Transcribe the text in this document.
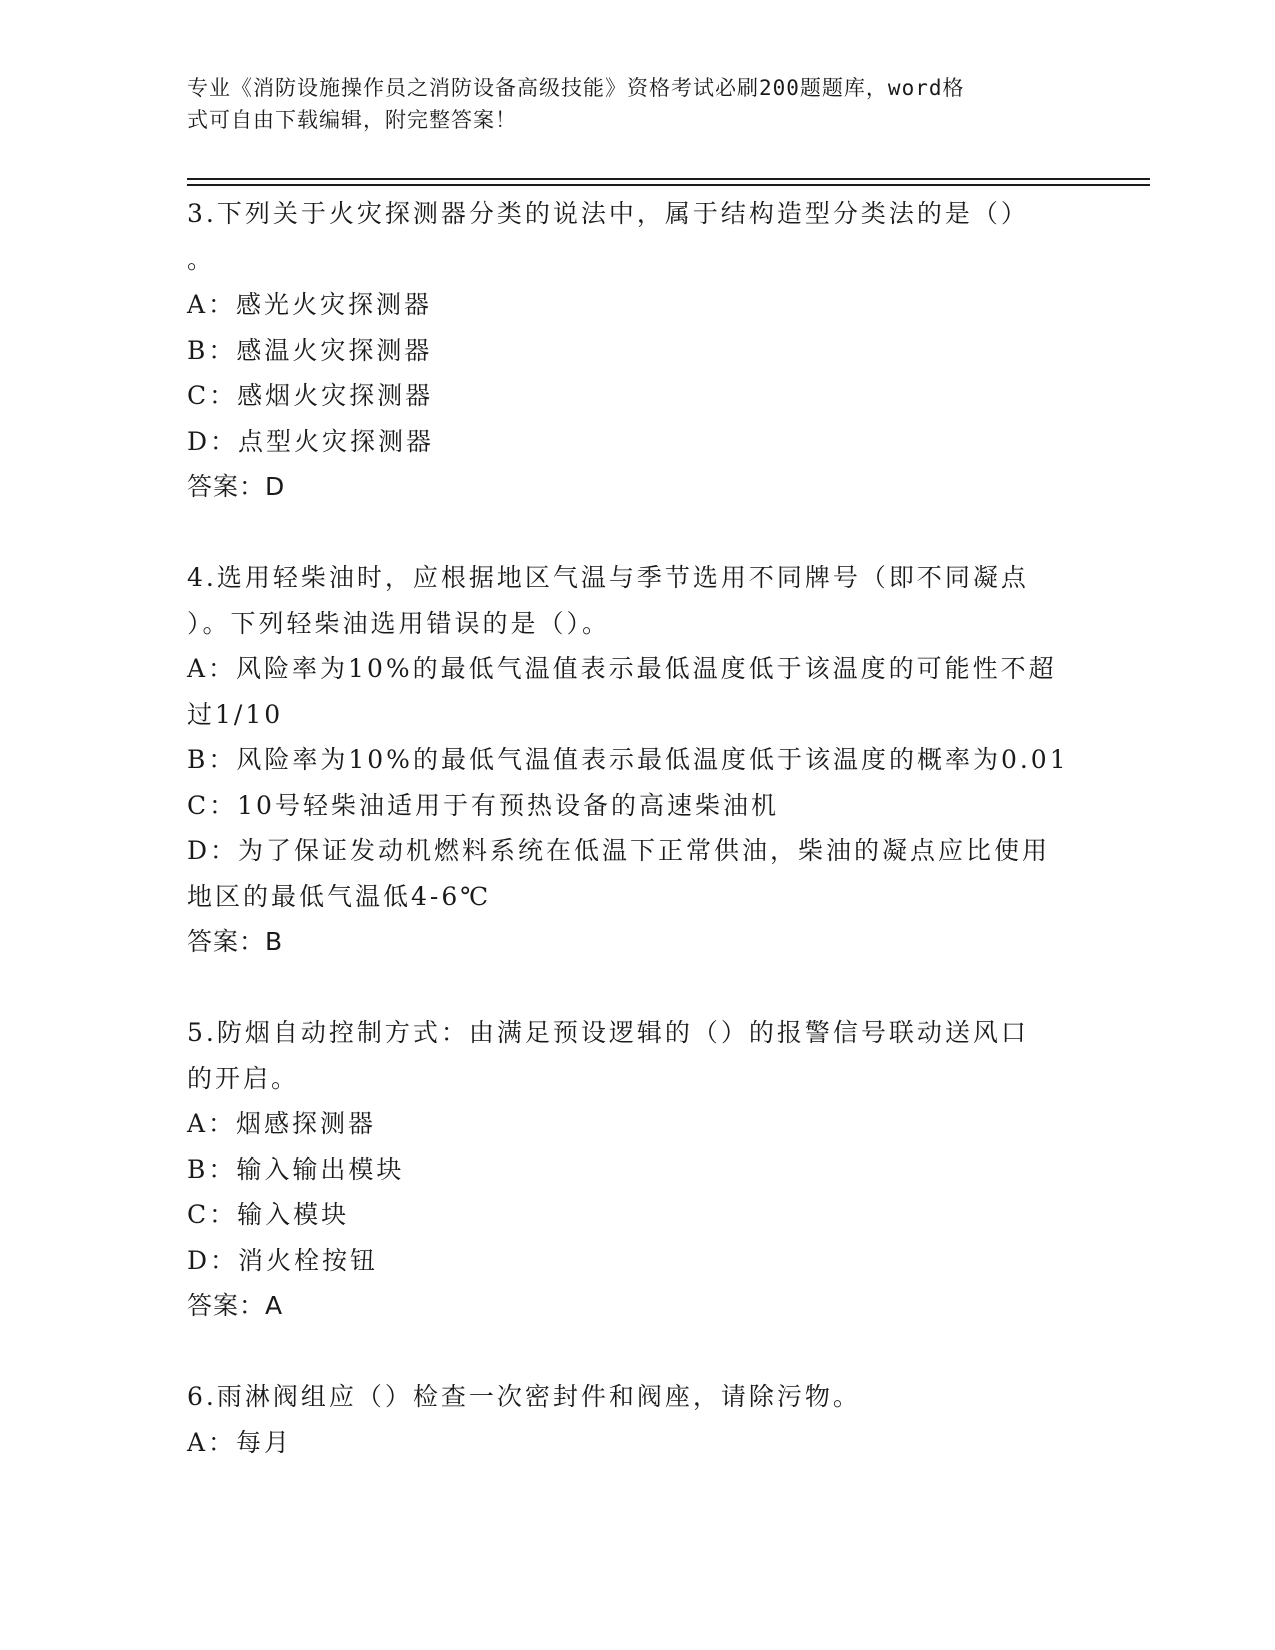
专业《消防设施操作员之消防设备高级技能》资格考试必刷200题题库，word格
式可自由下载编辑，附完整答案！
3.下列关于火灾探测器分类的说法中，属于结构造型分类法的是（）
。
A：感光火灾探测器
B：感温火灾探测器
C：感烟火灾探测器
D：点型火灾探测器
答案：D
4.选用轻柴油时，应根据地区气温与季节选用不同牌号（即不同凝点
）。下列轻柴油选用错误的是（）。
A：风险率为10%的最低气温值表示最低温度低于该温度的可能性不超
过1/10
B：风险率为10%的最低气温值表示最低温度低于该温度的概率为0.01
C：10号轻柴油适用于有预热设备的高速柴油机
D：为了保证发动机燃料系统在低温下正常供油，柴油的凝点应比使用
地区的最低气温低4-6℃
答案：B
5.防烟自动控制方式：由满足预设逻辑的（）的报警信号联动送风口
的开启。
A：烟感探测器
B：输入输出模块
C：输入模块
D：消火栓按钮
答案：A
6.雨淋阀组应（）检查一次密封件和阀座，请除污物。
A：每月
